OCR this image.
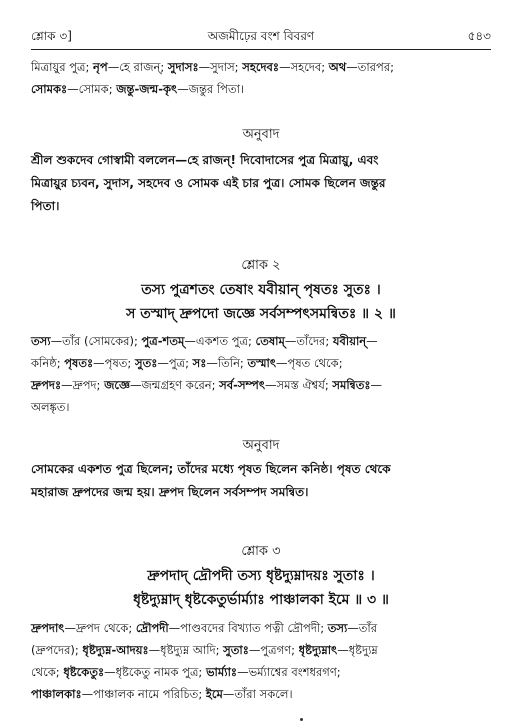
শ্লোক ৩]	অজমীঢ়ের বংশ বিবরণ	৫৪৩
মিত্রায়ুর পুত্র; নৃপ—হে রাজন্; সুদাসঃ—সুদাস; সহদেবঃ—সহদেব; অথ—তারপর;
সোমকঃ—সোমক; জন্তু-জন্ম-কৃৎ—জন্তুর পিতা।
অনুবাদ
শ্রীল শুকদেব গোস্বামী বললেন—হে রাজন্! দিবোদাসের পুত্র মিত্রায়ু, এবং
মিত্রায়ুর চ্যবন, সুদাস, সহদেব ও সোমক এই চার পুত্র। সোমক ছিলেন জন্তুর
পিতা।
শ্লোক ২
তস্য পুত্রশতং তেষাং যবীয়ান্ পৃষতঃ সুতঃ ।
স তস্মাদ্ দ্রুপদো জজ্ঞে সর্বসম্পৎসমন্বিতঃ ॥ ২ ॥
তস্য—তাঁর (সোমকের); পুত্র-শতম্—একশত পুত্র; তেষাম্—তাঁদের; যবীয়ান্—
কনিষ্ঠ; পৃষতঃ—পৃষত; সুতঃ—পুত্র; সঃ—তিনি; তস্মাৎ—পৃষত থেকে;
দ্রুপদঃ—দ্রুপদ; জজ্ঞে—জন্মগ্রহণ করেন; সর্ব-সম্পৎ—সমস্ত ঐশ্বর্য; সমন্বিতঃ—
অলঙ্কৃত।
অনুবাদ
সোমকের একশত পুত্র ছিলেন; তাঁদের মধ্যে পৃষত ছিলেন কনিষ্ঠ। পৃষত থেকে
মহারাজ দ্রুপদের জন্ম হয়। দ্রুপদ ছিলেন সর্বসম্পদ সমন্বিত।
শ্লোক ৩
দ্রুপদাদ্ দ্রৌপদী তস্য ধৃষ্টদ্যুম্নাদয়ঃ সুতাঃ ।
ধৃষ্টদ্যুম্নাদ্ ধৃষ্টকেতুর্ভার্ম্যাঃ পাঞ্চালকা ইমে ॥ ৩ ॥
দ্রুপদাৎ—দ্রুপদ থেকে; দ্রৌপদী—পাণ্ডবদের বিখ্যাত পত্নী দ্রৌপদী; তস্য—তাঁর
(দ্রুপদের); ধৃষ্টদ্যুম্ন-আদয়ঃ—ধৃষ্টদ্যুম্ন আদি; সুতাঃ—পুত্রগণ; ধৃষ্টদ্যুম্নাৎ—ধৃষ্টদ্যুম্ন
থেকে; ধৃষ্টকেতুঃ—ধৃষ্টকেতু নামক পুত্র; ভার্ম্যাঃ—ভর্ম্যাশ্বের বংশধরগণ;
পাঞ্চালকাঃ—পাঞ্চালক নামে পরিচিত; ইমে—তাঁরা সকলে।
